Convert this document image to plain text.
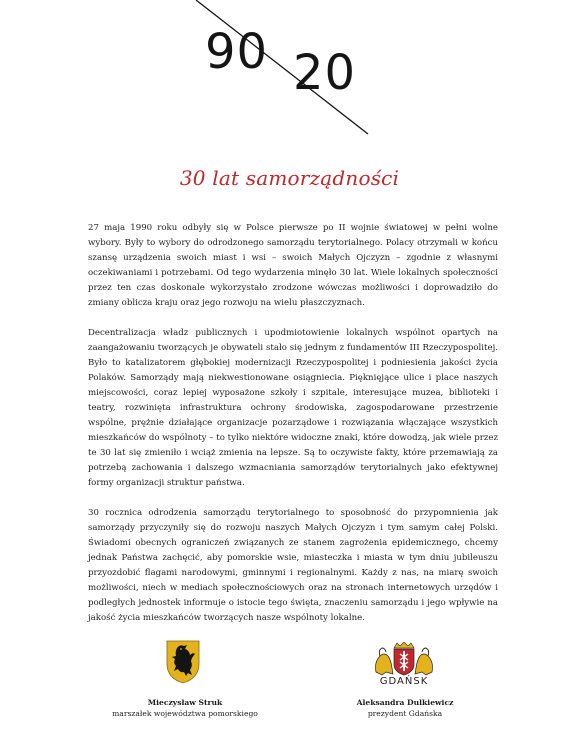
90 20
30 lat samorządności

27 maja 1990 roku odbyły się w Polsce pierwsze po II wojnie światowej w pełni wolne wybory. Były to wybory do odrodzonego samorządu terytorialnego. Polacy otrzymali w końcu szansę urządzenia swoich miast i wsi – swoich Małych Ojczyzn – zgodnie z własnymi oczekiwaniami i potrzebami. Od tego wydarzenia minęło 30 lat. Wiele lokalnych społeczności przez ten czas doskonale wykorzystało zrodzone wówczas możliwości i doprowadziło do zmiany oblicza kraju oraz jego rozwoju na wielu płaszczyznach.

Decentralizacja władz publicznych i upodmiotowienie lokalnych wspólnot opartych na zaangażowaniu tworzących je obywateli stało się jednym z fundamentów III Rzeczypospolitej. Było to katalizatorem głębokiej modernizacji Rzeczypospolitej i podniesienia jakości życia Polaków. Samorządy mają niekwestionowane osiągniecia. Pięknięjące ulice i place naszych miejscowości, coraz lepiej wyposażone szkoły i szpitale, interesujące muzea, biblioteki i teatry, rozwinięta infrastruktura ochrony środowiska, zagospodarowane przestrzenie wspólne, prężnie działające organizacje pozarządowe i rozwiązania włączające wszystkich mieszkańców do wspólnoty – to tylko niektóre widoczne znaki, które dowodzą, jak wiele przez te 30 lat się zmieniło i wciąż zmienia na lepsze. Są to oczywiste fakty, które przemawiają za potrzebą zachowania i dalszego wzmacniania samorządów terytorialnych jako efektywnej formy organizacji struktur państwa.

30 rocznica odrodzenia samorządu terytorialnego to sposobność do przypomnienia jak samorządy przyczyniły się do rozwoju naszych Małych Ojczyzn i tym samym całej Polski. Świadomi obecnych ograniczeń związanych ze stanem zagrożenia epidemicznego, chcemy jednak Państwa zachęcić, aby pomorskie wsie, miasteczka i miasta w tym dniu jubileuszu przyozdobić flagami narodowymi, gminnymi i regionalnymi. Każdy z nas, na miarę swoich możliwości, niech w mediach społecznościowych oraz na stronach internetowych urzędów i podległych jednostek informuje o istocie tego święta, znaczeniu samorządu i jego wpływie na jakość życia mieszkańców tworzących nasze wspólnoty lokalne.

GDAŃSK
Mieczysław Struk
marszałek województwa pomorskiego
Aleksandra Dulkiewicz
prezydent Gdańska
